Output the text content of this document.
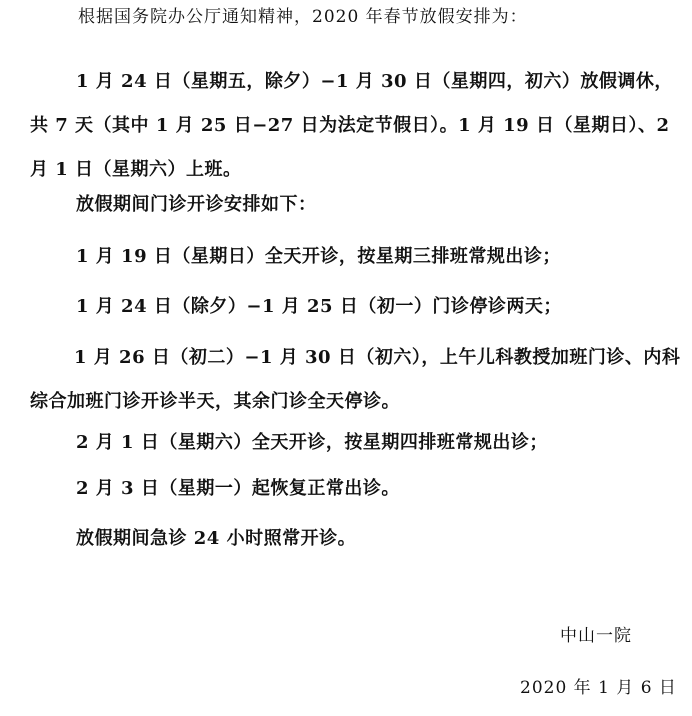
根据国务院办公厅通知精神，2020 年春节放假安排为：
1 月 24 日（星期五，除夕）−1 月 30 日（星期四，初六）放假调休，共 7 天（其中 1 月 25 日−27 日为法定节假日）。1 月 19 日（星期日）、2 月 1 日（星期六）上班。
放假期间门诊开诊安排如下：
1 月 19 日（星期日）全天开诊，按星期三排班常规出诊；
1 月 24 日（除夕）−1 月 25 日（初一）门诊停诊两天；
1 月 26 日（初二）−1 月 30 日（初六），上午儿科教授加班门诊、内科综合加班门诊开诊半天，其余门诊全天停诊。
2 月 1 日（星期六）全天开诊，按星期四排班常规出诊；
2 月 3 日（星期一）起恢复正常出诊。
放假期间急诊 24 小时照常开诊。
中山一院
2020 年 1 月 6 日
